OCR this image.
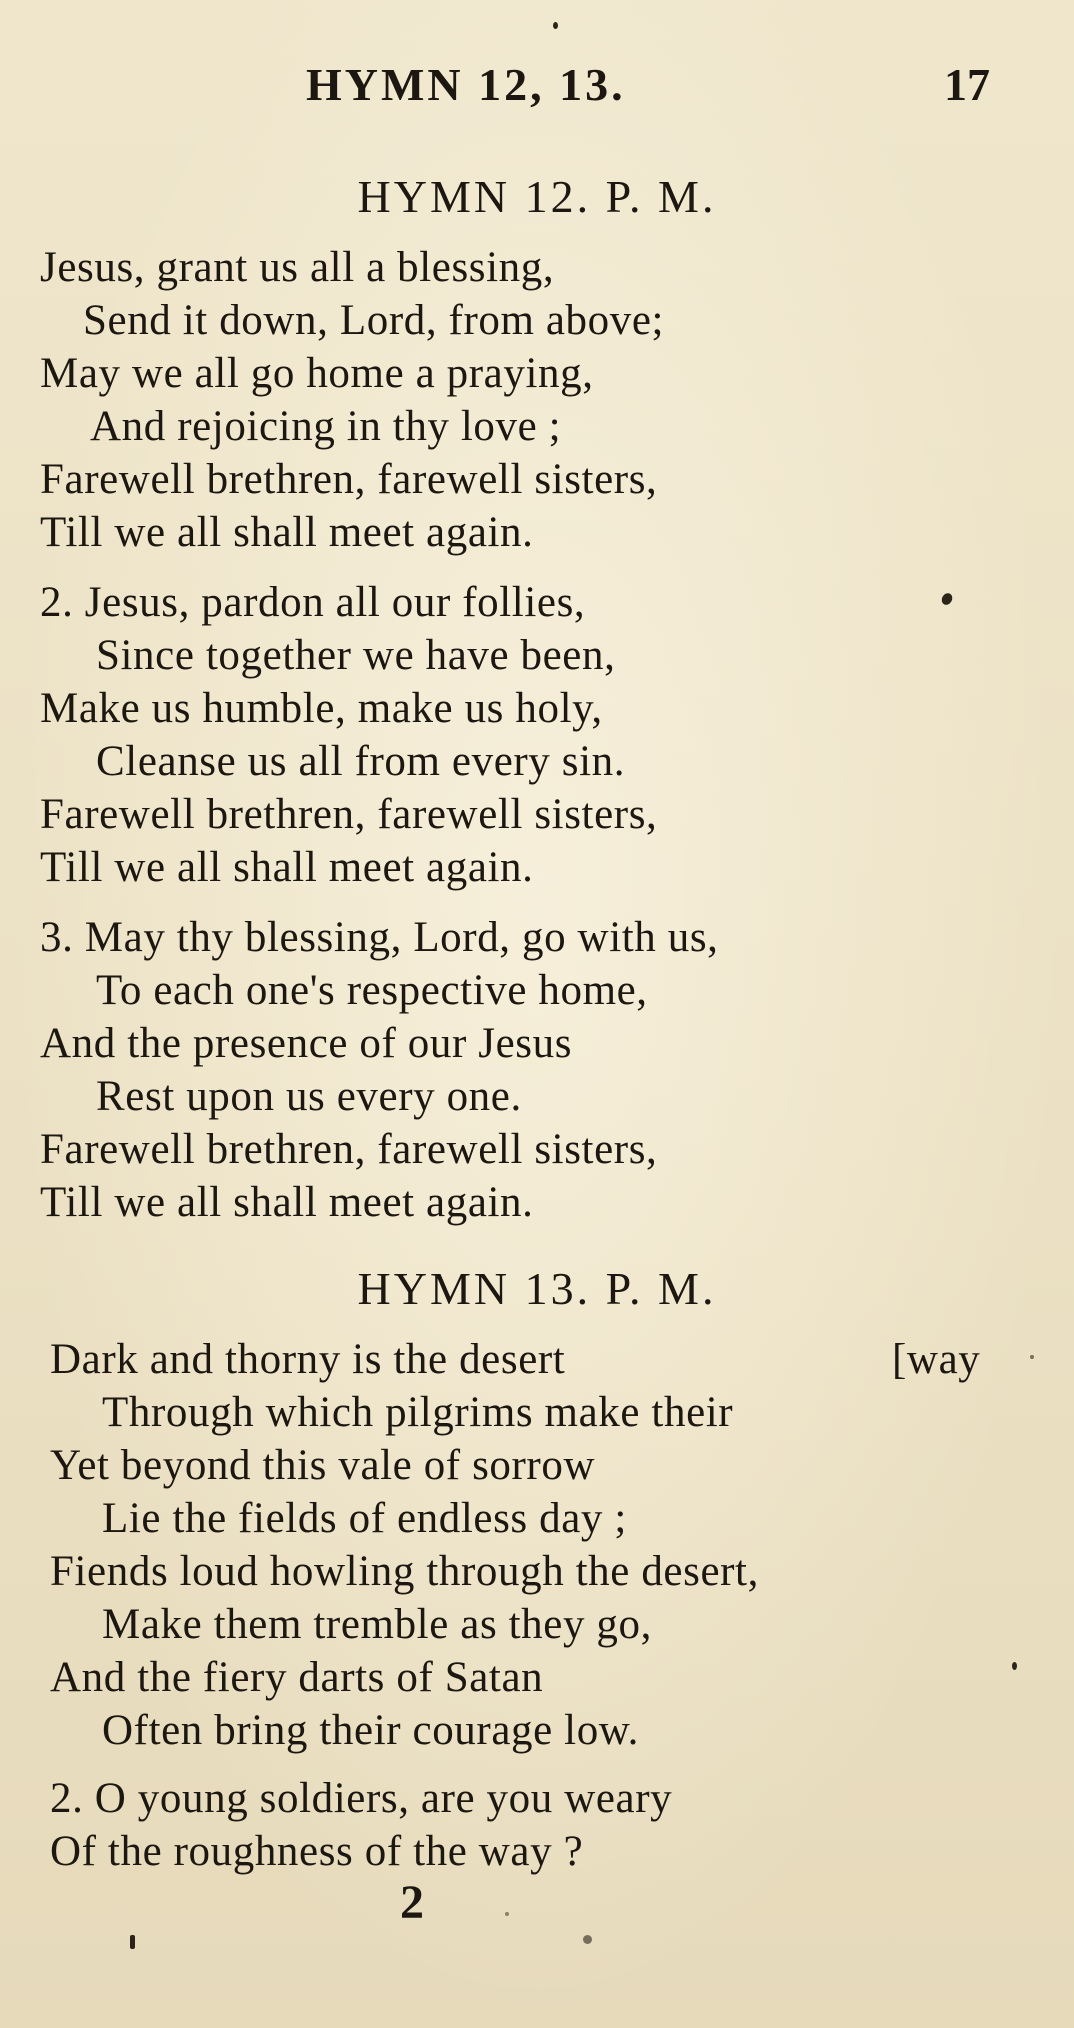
HYMN 12, 13.	17
HYMN 12. P. M.
Jesus, grant us all a blessing,
Send it down, Lord, from above;
May we all go home a praying,
And rejoicing in thy love ;
Farewell brethren, farewell sisters,
Till we all shall meet again.
2. Jesus, pardon all our follies,
Since together we have been,
Make us humble, make us holy,
Cleanse us all from every sin.
Farewell brethren, farewell sisters,
Till we all shall meet again.
3. May thy blessing, Lord, go with us,
To each one's respective home,
And the presence of our Jesus
Rest upon us every one.
Farewell brethren, farewell sisters,
Till we all shall meet again.
HYMN 13. P. M.
Dark and thorny is the desert	[way
Through which pilgrims make their
Yet beyond this vale of sorrow
Lie the fields of endless day ;
Fiends loud howling through the desert,
Make them tremble as they go,
And the fiery darts of Satan
Often bring their courage low.
2. O young soldiers, are you weary
Of the roughness of the way ?
2
